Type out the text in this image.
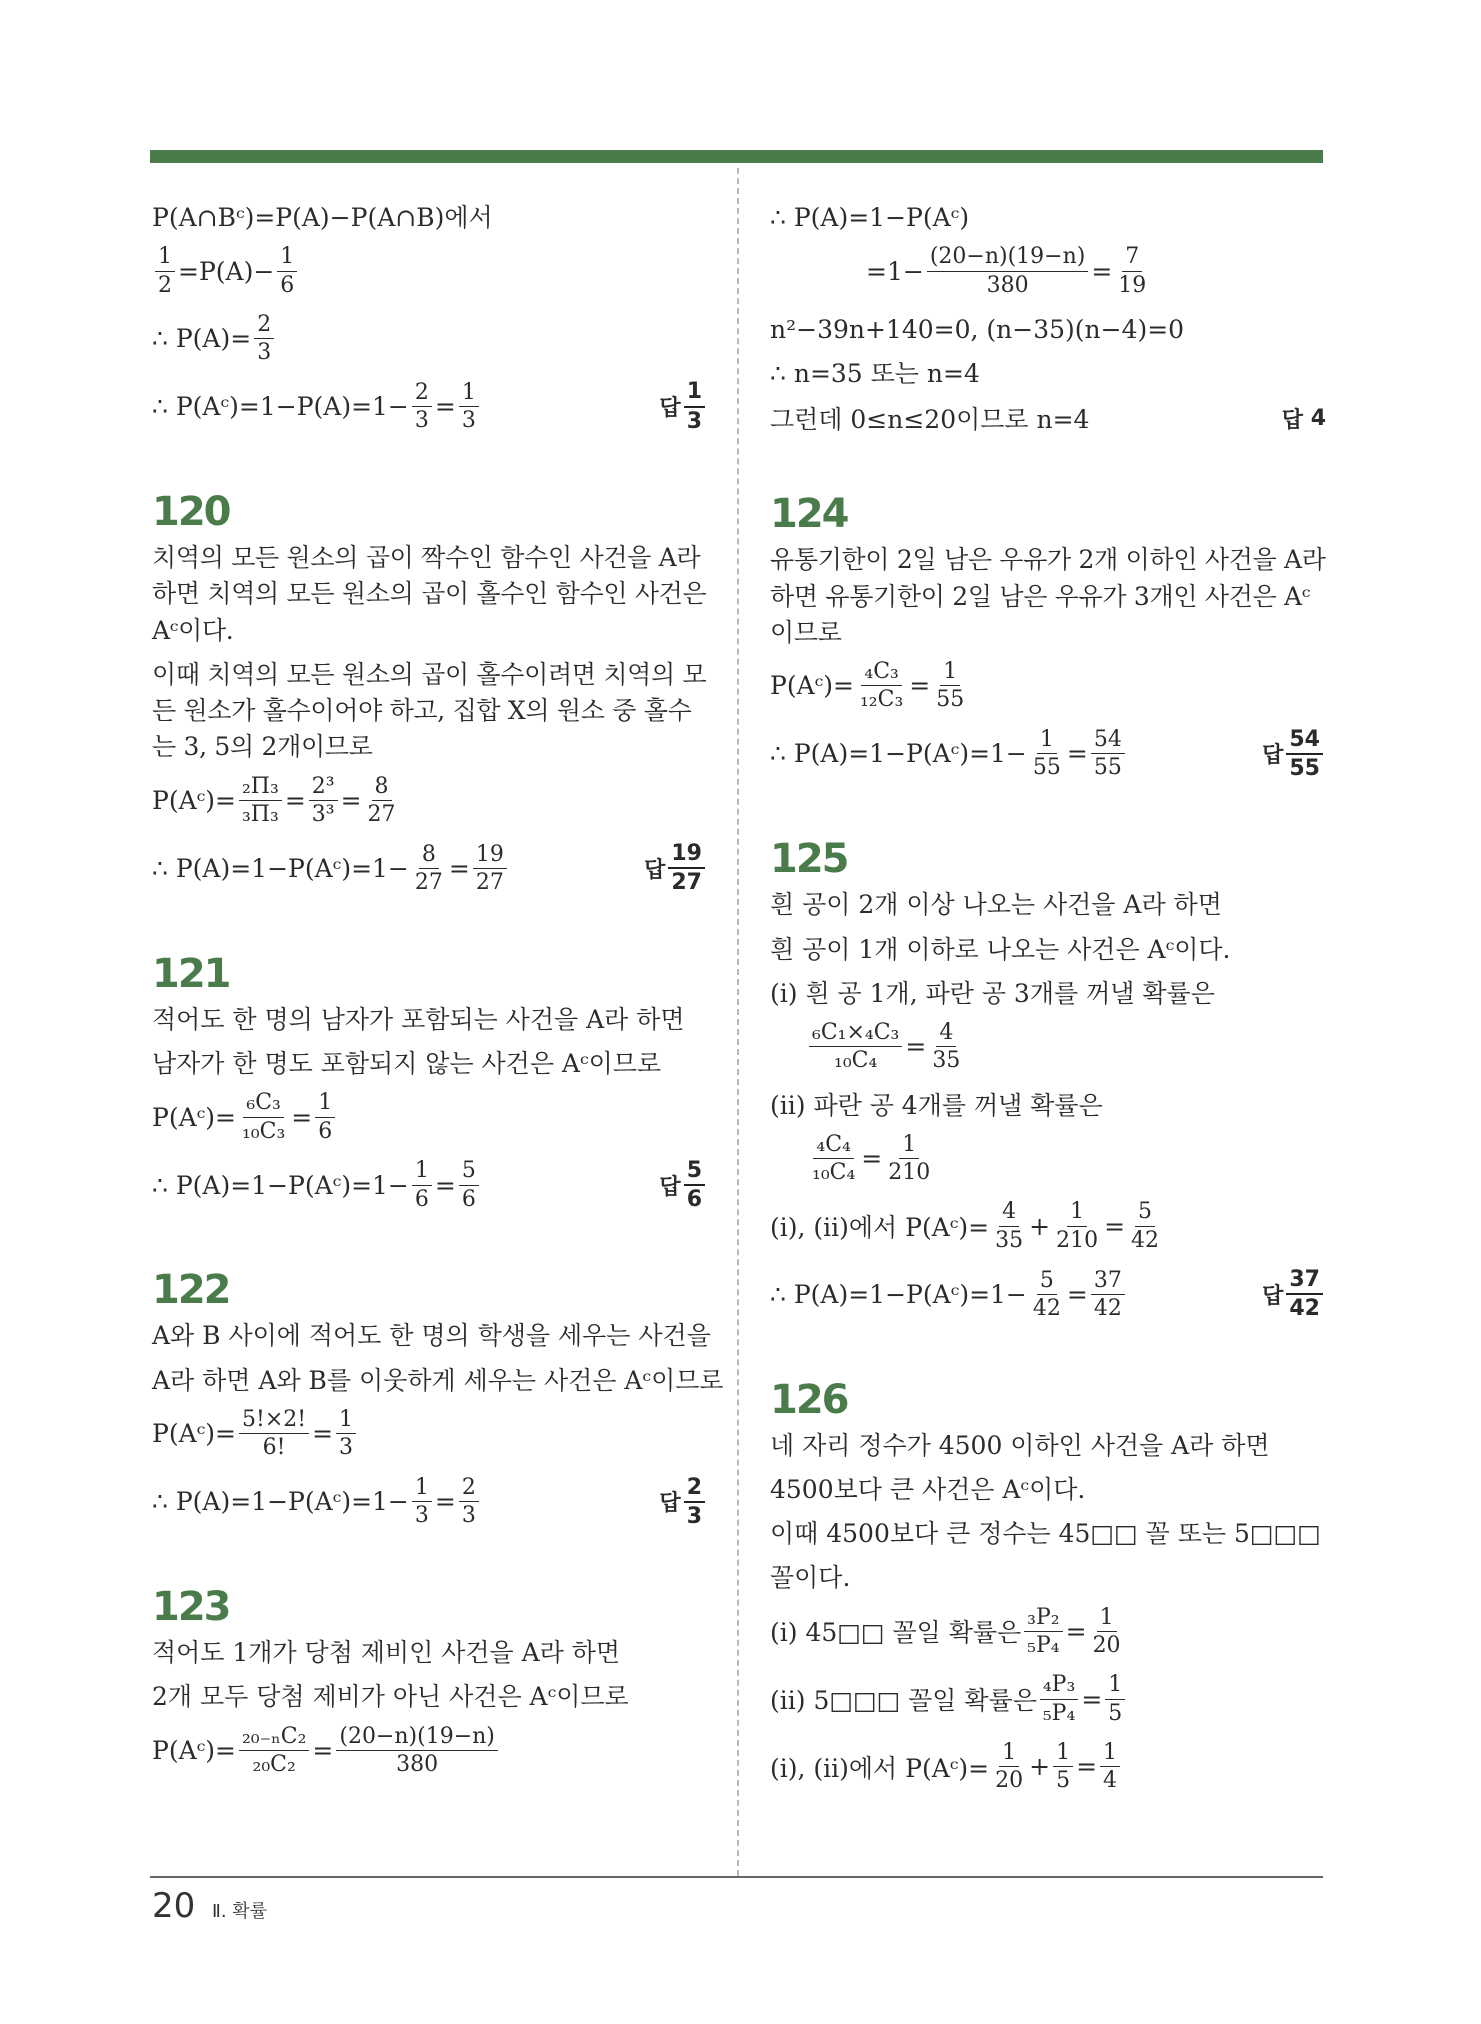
P(A∩Bᶜ)=P(A)−P(A∩B)에서
$\frac{1}{2} =P(A)- \frac{1}{6}$
∴ $P(A)= \frac{2}{3}$
∴ P(Aᶜ)=1−P(A)=1− $\frac{2}{3} = \frac{1}{3}$	답 $\frac{1}{3}$
120
치역의 모든 원소의 곱이 짝수인 함수인 사건을 A라 하면 치역의 모든 원소의 곱이 홀수인 함수인 사건은 Aᶜ이다.
이때 치역의 모든 원소의 곱이 홀수이려면 치역의 모든 원소가 홀수이어야 하고, 집합 X의 원소 중 홀수는 3, 5의 2개이므로
P(Aᶜ)= $\frac{\text{₂Π₃}}{\text{₃Π₃}} = \frac{\text{2³}}{\text{3³}} = \frac{8}{27}$
∴ P(A)=1−P(Aᶜ)=1− $\frac{8}{27} = \frac{19}{27}$	답 $\frac{19}{27}$
121
적어도 한 명의 남자가 포함되는 사건을 A라 하면
남자가 한 명도 포함되지 않는 사건은 Aᶜ이므로
P(Aᶜ)= $\frac{\text{₆C₃}}{\text{₁₀C₃}} = \frac{1}{6}$
∴ P(A)=1−P(Aᶜ)=1− $\frac{1}{6} = \frac{5}{6}$	답 $\frac{5}{6}$
122
A와 B 사이에 적어도 한 명의 학생을 세우는 사건을
A라 하면 A와 B를 이웃하게 세우는 사건은 Aᶜ이므로
P(Aᶜ)= $\frac{5!\times 2!}{6!} = \frac{1}{3}$
∴ P(A)=1−P(Aᶜ)=1− $\frac{1}{3} = \frac{2}{3}$	답 $\frac{2}{3}$
123
적어도 1개가 당첨 제비인 사건을 A라 하면
2개 모두 당첨 제비가 아닌 사건은 Aᶜ이므로
P(Aᶜ)= $\frac{\text{₂₀₋ₙC₂}}{\text{₂₀C₂}} = \frac{(20-n)(19-n)}{380}$
∴ P(A)=1−P(Aᶜ)
$=1- \frac{(20-n)(19-n)}{380} = \frac{7}{19}$
n²−39n+140=0, (n−35)(n−4)=0
∴ n=35 또는 n=4
그런데 0≤n≤20이므로 n=4	답
4
124
유통기한이 2일 남은 우유가 2개 이하인 사건을 A라 하면 유통기한이 2일 남은 우유가 3개인 사건은 Aᶜ이므로
P(Aᶜ)= $\frac{\text{₄C₃}}{\text{₁₂C₃}} = \frac{1}{55}$
∴ P(A)=1−P(Aᶜ)=1− $\frac{1}{55} = \frac{54}{55}$	답 $\frac{54}{55}$
125
흰 공이 2개 이상 나오는 사건을 A라 하면
흰 공이 1개 이하로 나오는 사건은 Aᶜ이다.
(i) 흰 공 1개, 파란 공 3개를 꺼낼 확률은
$\frac{\text{₆C₁×₄C₃}}{\text{₁₀C₄}} = \frac{4}{35}$
(ii) 파란 공 4개를 꺼낼 확률은
$\frac{\text{₄C₄}}{\text{₁₀C₄}} = \frac{1}{210}$
(i), (ii)에서 P(Aᶜ)= $\frac{4}{35} + \frac{1}{210} = \frac{5}{42}$
∴ P(A)=1−P(Aᶜ)=1− $\frac{5}{42} = \frac{37}{42}$	답 $\frac{37}{42}$
126
네 자리 정수가 4500 이하인 사건을 A라 하면
4500보다 큰 사건은 Aᶜ이다.
이때 4500보다 큰 정수는 45□□ 꼴 또는 5□□□
꼴이다.
(i) 45□□ 꼴일 확률은 $\frac{\text{₃P₂}}{\text{₅P₄}} = \frac{1}{20}$
(ii) 5□□□ 꼴일 확률은 $\frac{\text{₄P₃}}{\text{₅P₄}} = \frac{1}{5}$
(i), (ii)에서 P(Aᶜ)= $\frac{1}{20} + \frac{1}{5} = \frac{1}{4}$
20 Ⅱ. 확률
